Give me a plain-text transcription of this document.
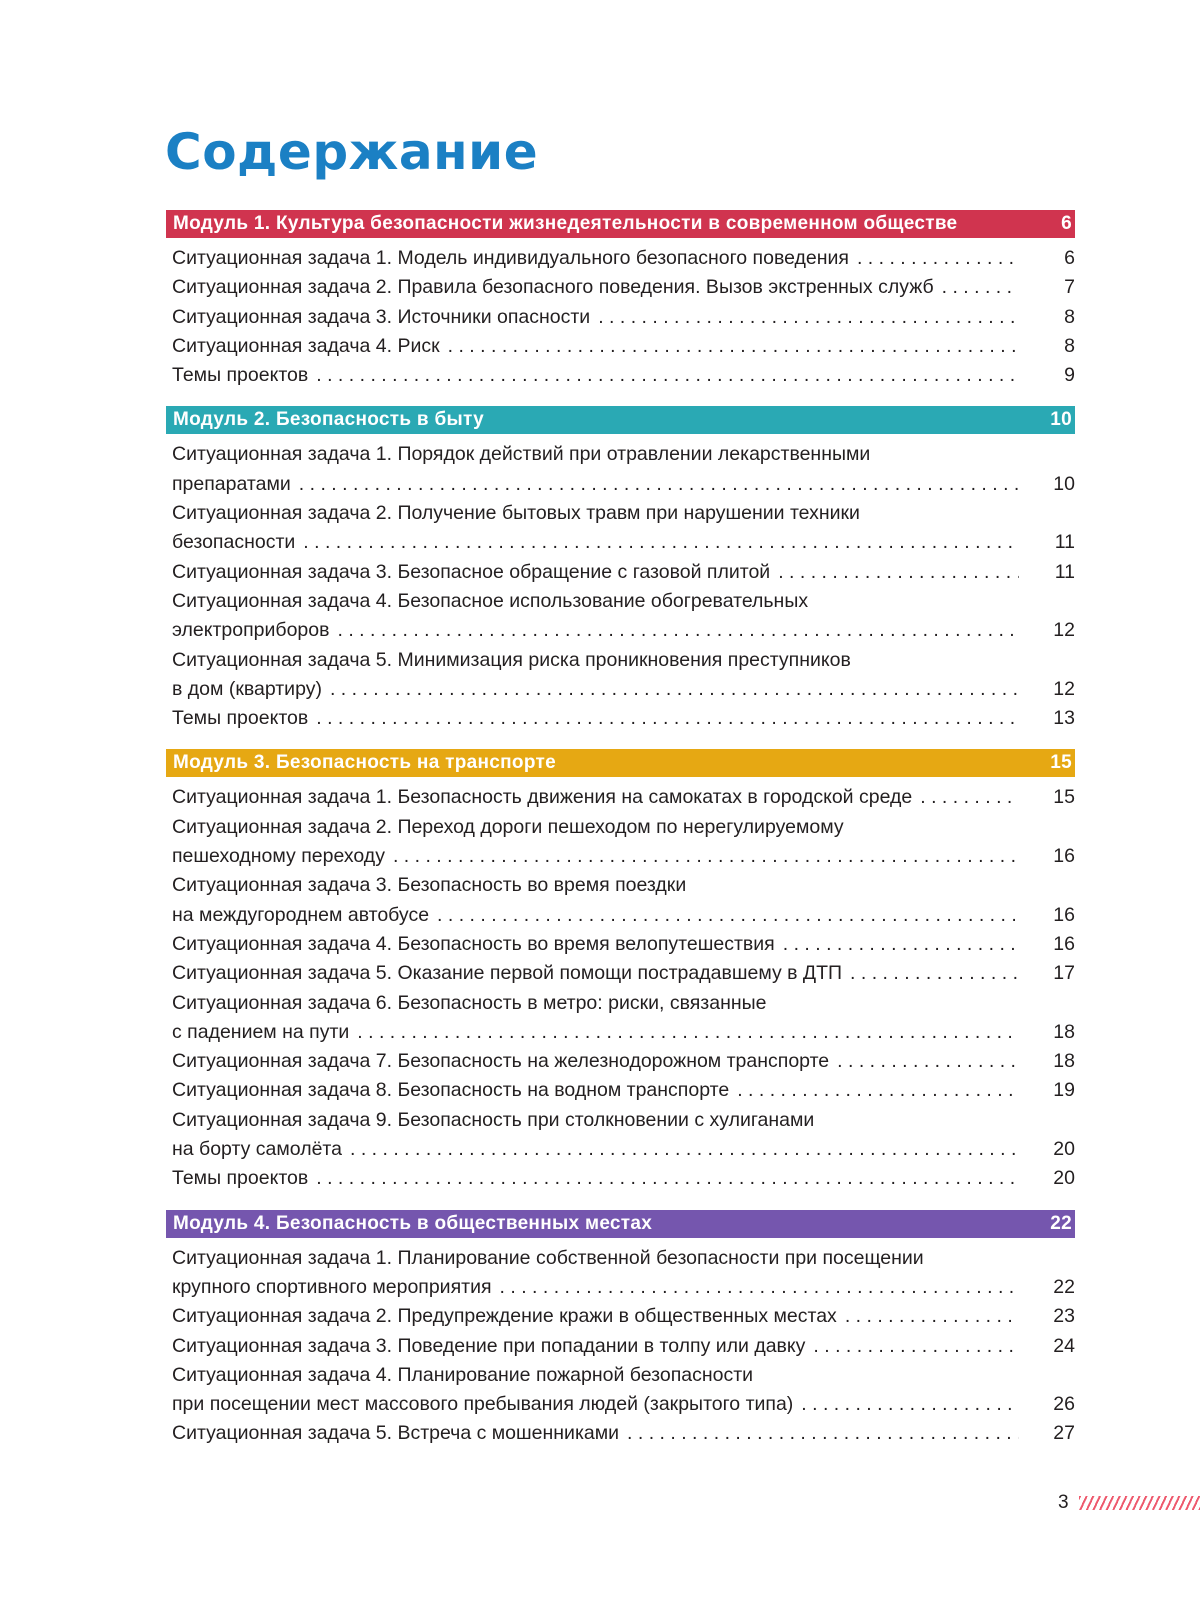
Содержание
Модуль 1. Культура безопасности жизнедеятельности в современном обществе	6
Ситуационная задача 1. Модель индивидуального безопасного поведения . . .	6
Ситуационная задача 2. Правила безопасного поведения. Вызов экстренных служб . . .	7
Ситуационная задача 3. Источники опасности . . .	8
Ситуационная задача 4. Риск . . .	8
Темы проектов . . .	9
Модуль 2. Безопасность в быту	10
Ситуационная задача 1. Порядок действий при отравлении лекарственными
препаратами . . .	10
Ситуационная задача 2. Получение бытовых травм при нарушении техники
безопасности . . .	11
Ситуационная задача 3. Безопасное обращение с газовой плитой . . .	11
Ситуационная задача 4. Безопасное использование обогревательных
электроприборов . . .	12
Ситуационная задача 5. Минимизация риска проникновения преступников
в дом (квартиру) . . .	12
Темы проектов . . .	13
Модуль 3. Безопасность на транспорте	15
Ситуационная задача 1. Безопасность движения на самокатах в городской среде . . .	15
Ситуационная задача 2. Переход дороги пешеходом по нерегулируемому
пешеходному переходу . . .	16
Ситуационная задача 3. Безопасность во время поездки
на междугороднем автобусе . . .	16
Ситуационная задача 4. Безопасность во время велопутешествия . . .	16
Ситуационная задача 5. Оказание первой помощи пострадавшему в ДТП . . .	17
Ситуационная задача 6. Безопасность в метро: риски, связанные
с падением на пути . . .	18
Ситуационная задача 7. Безопасность на железнодорожном транспорте . . .	18
Ситуационная задача 8. Безопасность на водном транспорте . . .	19
Ситуационная задача 9. Безопасность при столкновении с хулиганами
на борту самолёта . . .	20
Темы проектов . . .	20
Модуль 4. Безопасность в общественных местах	22
Ситуационная задача 1. Планирование собственной безопасности при посещении
крупного спортивного мероприятия . . .	22
Ситуационная задача 2. Предупреждение кражи в общественных местах . . .	23
Ситуационная задача 3. Поведение при попадании в толпу или давку . . .	24
Ситуационная задача 4. Планирование пожарной безопасности
при посещении мест массового пребывания людей (закрытого типа) . . .	26
Ситуационная задача 5. Встреча с мошенниками . . .	27
3
